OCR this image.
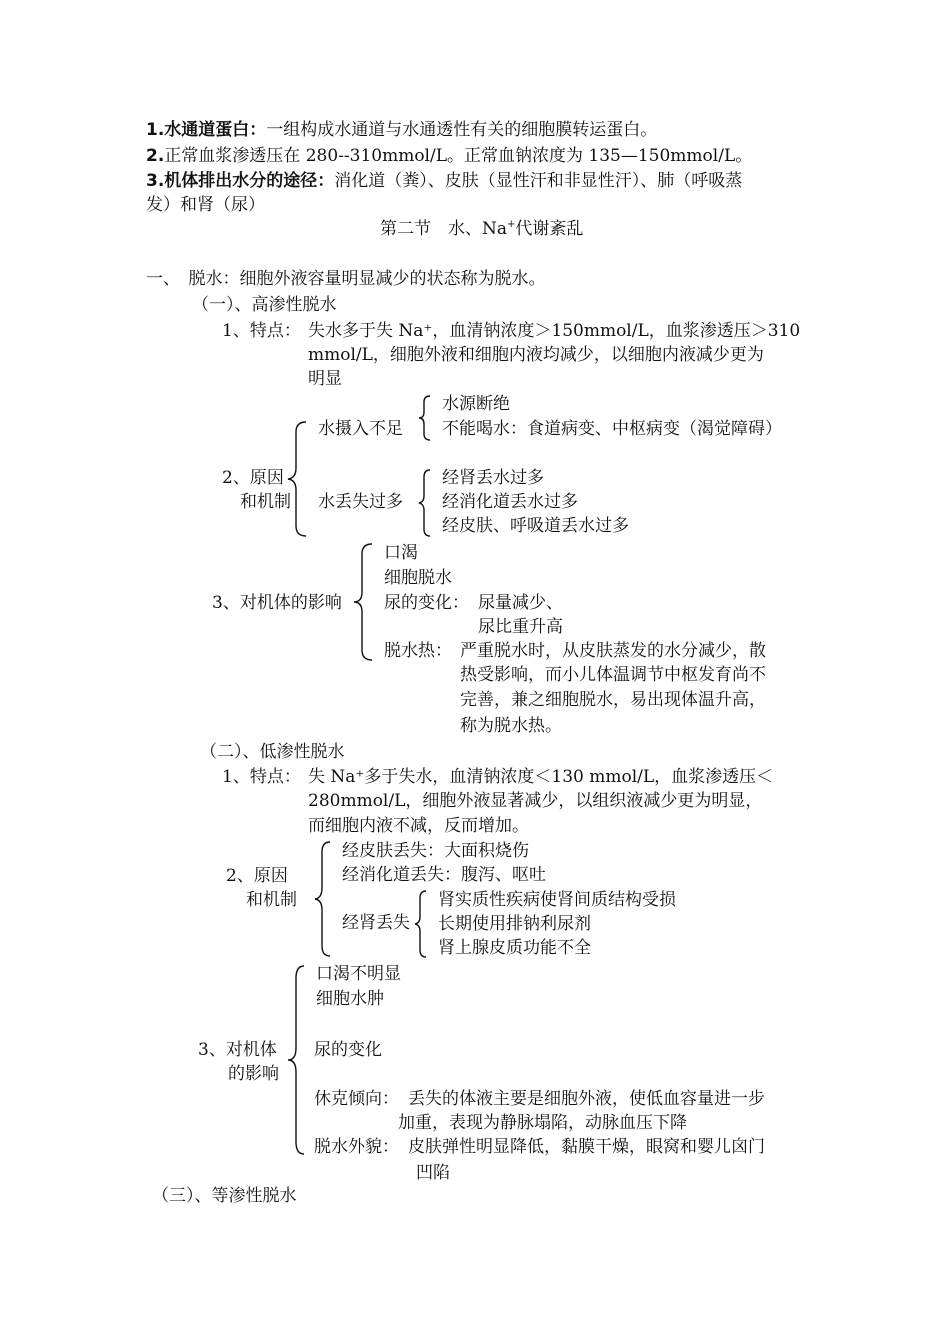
1.水通道蛋白：一组构成水通道与水通透性有关的细胞膜转运蛋白。

2.正常血浆渗透压在 280--310mmol/L。正常血钠浓度为 135—150mmol/L。

3.机体排出水分的途径：消化道（粪）、皮肤（显性汗和非显性汗）、肺（呼吸蒸

发）和肾（尿）

第二节　水、Na+代谢紊乱

一、　脱水：细胞外液容量明显减少的状态称为脱水。

（一）、高渗性脱水

1、特点： 失水多于失 Na⁺，血清钠浓度＞150mmol/L，血浆渗透压＞310

mmol/L，细胞外液和细胞内液均减少，以细胞内液减少更为

明显

2、原因

和机制

水摄入不足

水源断绝

不能喝水：食道病变、中枢病变（渴觉障碍）

水丢失过多

经肾丢水过多

经消化道丢水过多

经皮肤、呼吸道丢水过多

3、对机体的影响

口渴

细胞脱水

尿的变化： 尿量减少、

尿比重升高

脱水热： 严重脱水时，从皮肤蒸发的水分减少，散

热受影响，而小儿体温调节中枢发育尚不

完善，兼之细胞脱水，易出现体温升高，

称为脱水热。

（二）、低渗性脱水

1、特点： 失 Na⁺多于失水，血清钠浓度＜130 mmol/L，血浆渗透压＜

280mmol/L，细胞外液显著减少，以组织液减少更为明显，

而细胞内液不减，反而增加。

2、原因

和机制

经皮肤丢失：大面积烧伤

经消化道丢失：腹泻、呕吐

经肾丢失

肾实质性疾病使肾间质结构受损

长期使用排钠利尿剂

肾上腺皮质功能不全

3、对机体

的影响

口渴不明显

细胞水肿

尿的变化

休克倾向： 丢失的体液主要是细胞外液，使低血容量进一步

加重，表现为静脉塌陷，动脉血压下降

脱水外貌： 皮肤弹性明显降低，黏膜干燥，眼窝和婴儿囟门

凹陷

（三）、等渗性脱水
